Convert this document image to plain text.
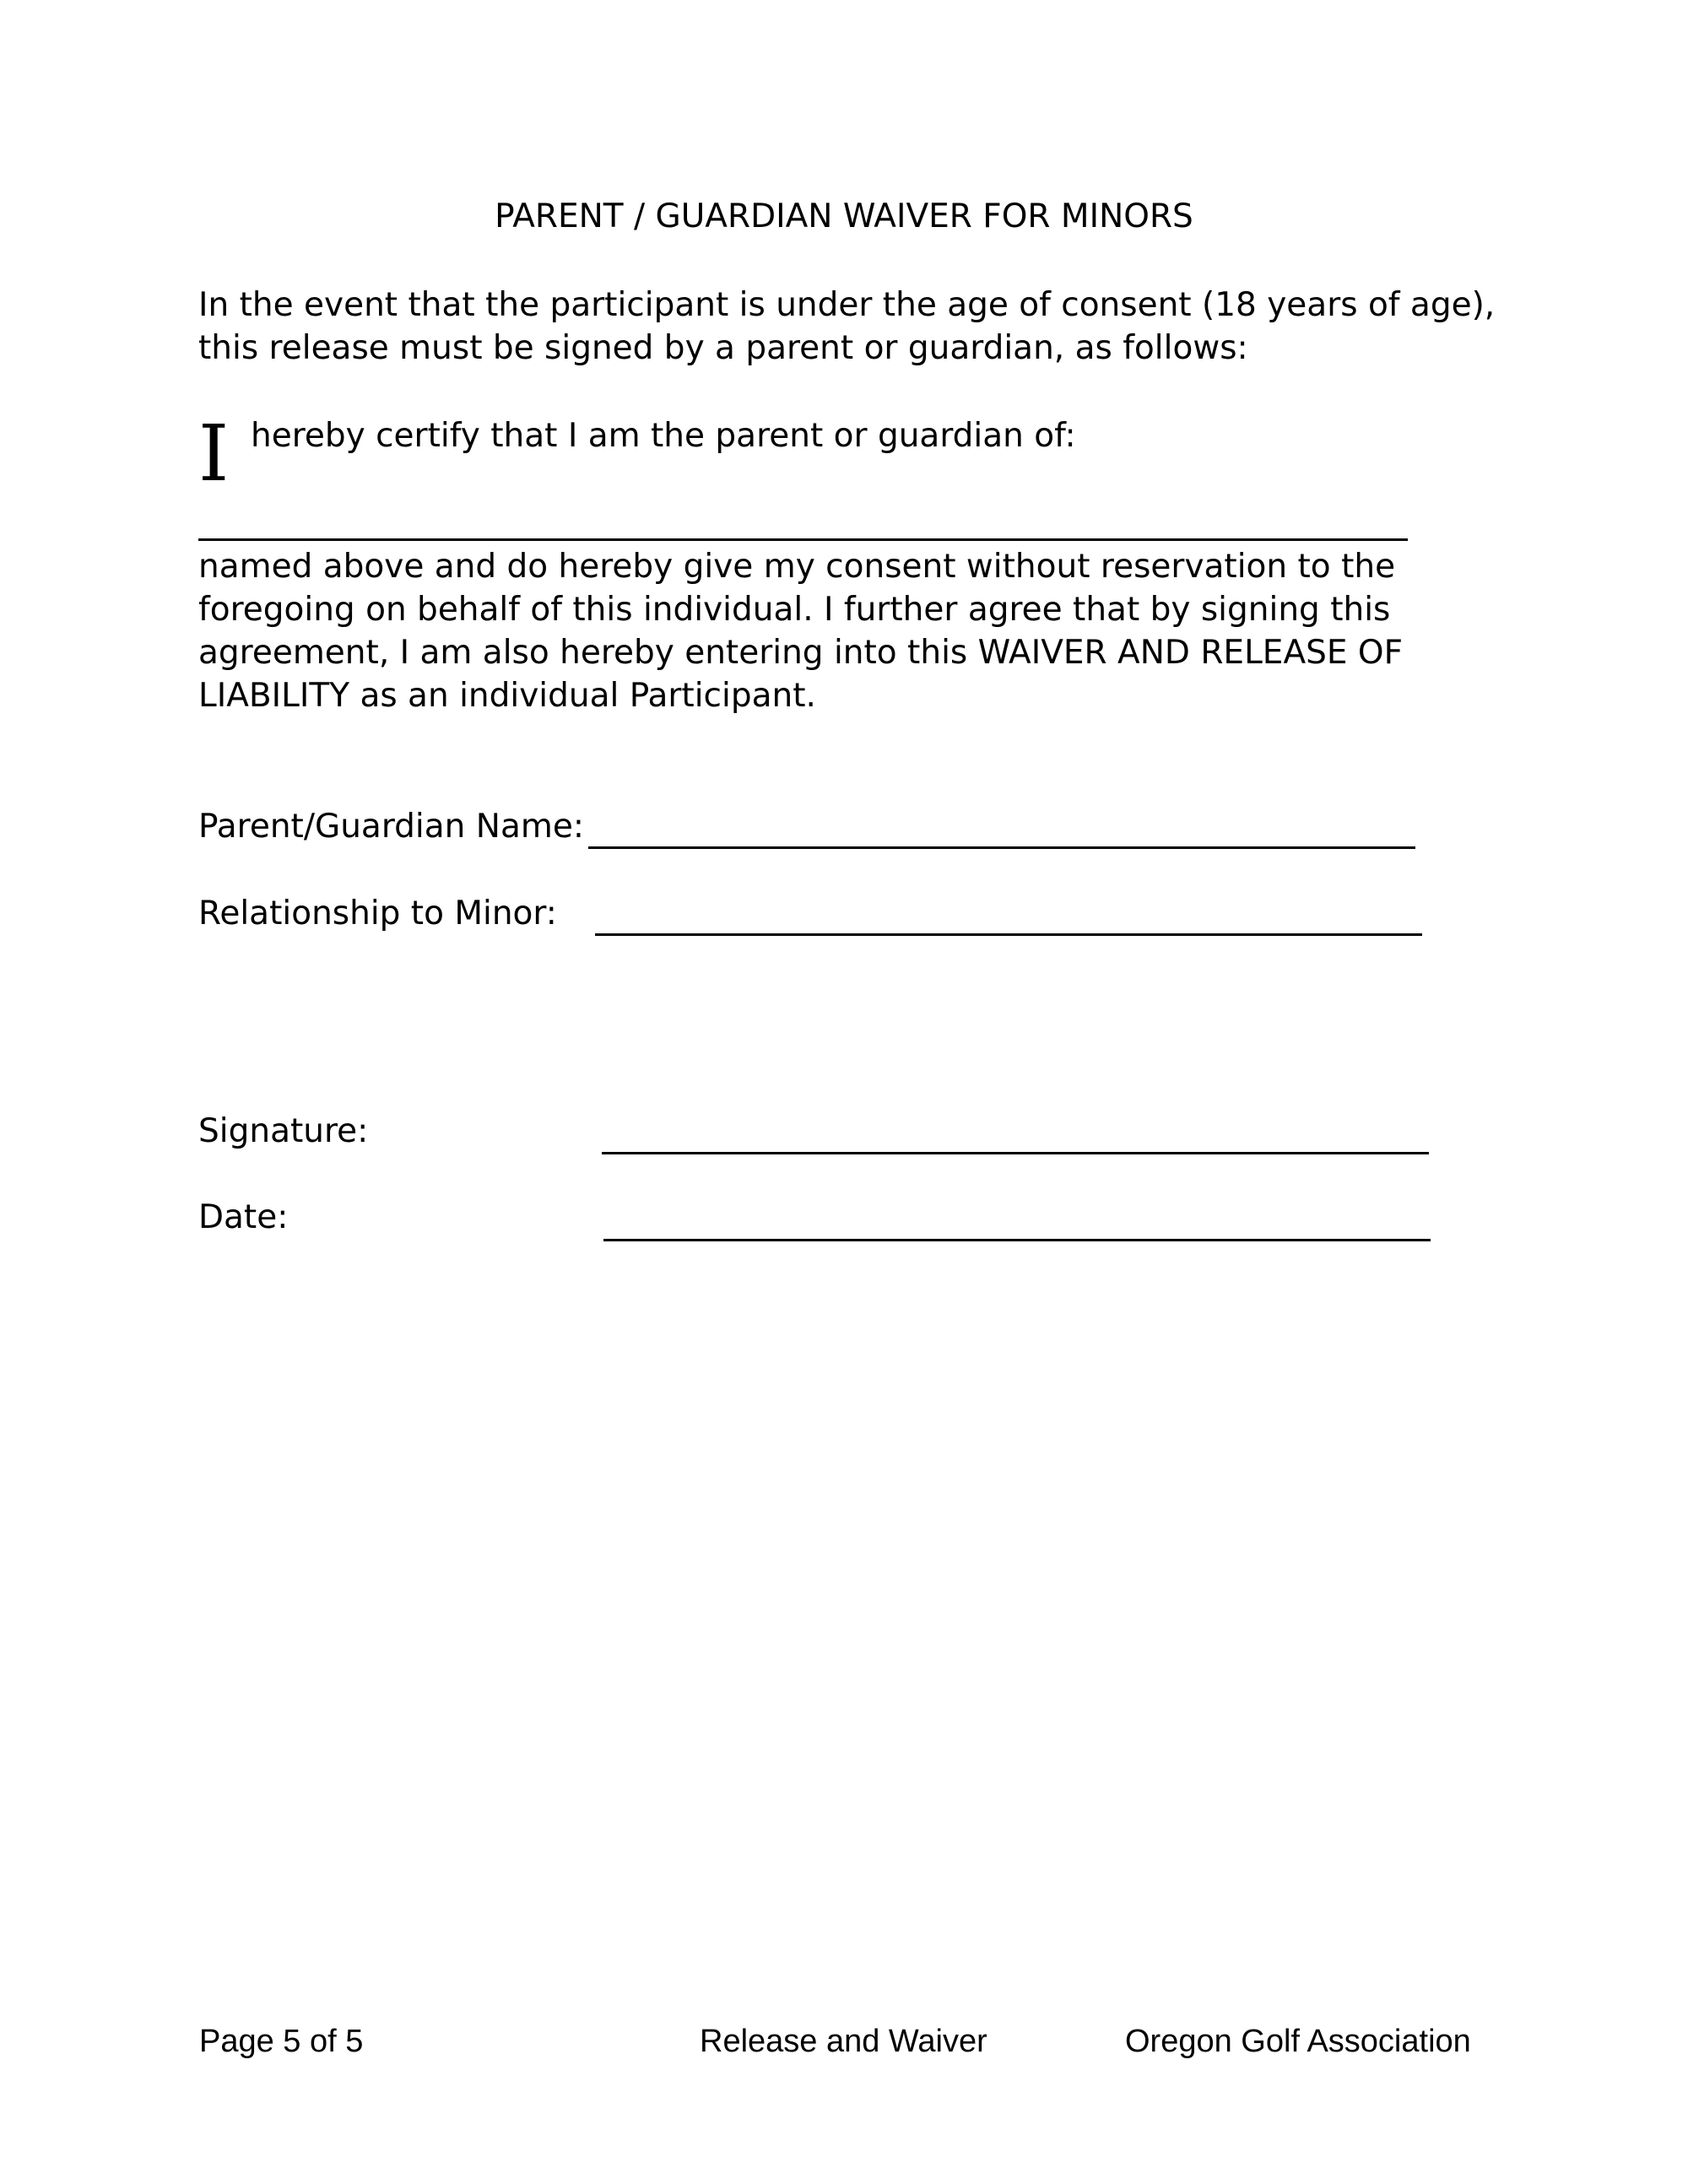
PARENT / GUARDIAN WAIVER FOR MINORS
In the event that the participant is under the age of consent (18 years of age),
this release must be signed by a parent or guardian, as follows:
I hereby certify that I am the parent or guardian of:
named above and do hereby give my consent without reservation to the
foregoing on behalf of this individual. I further agree that by signing this
agreement, I am also hereby entering into this WAIVER AND RELEASE OF
LIABILITY as an individual Participant.
Parent/Guardian Name:
Relationship to Minor:
Signature:
Date:
Page 5 of 5	Release and Waiver	Oregon Golf Association
